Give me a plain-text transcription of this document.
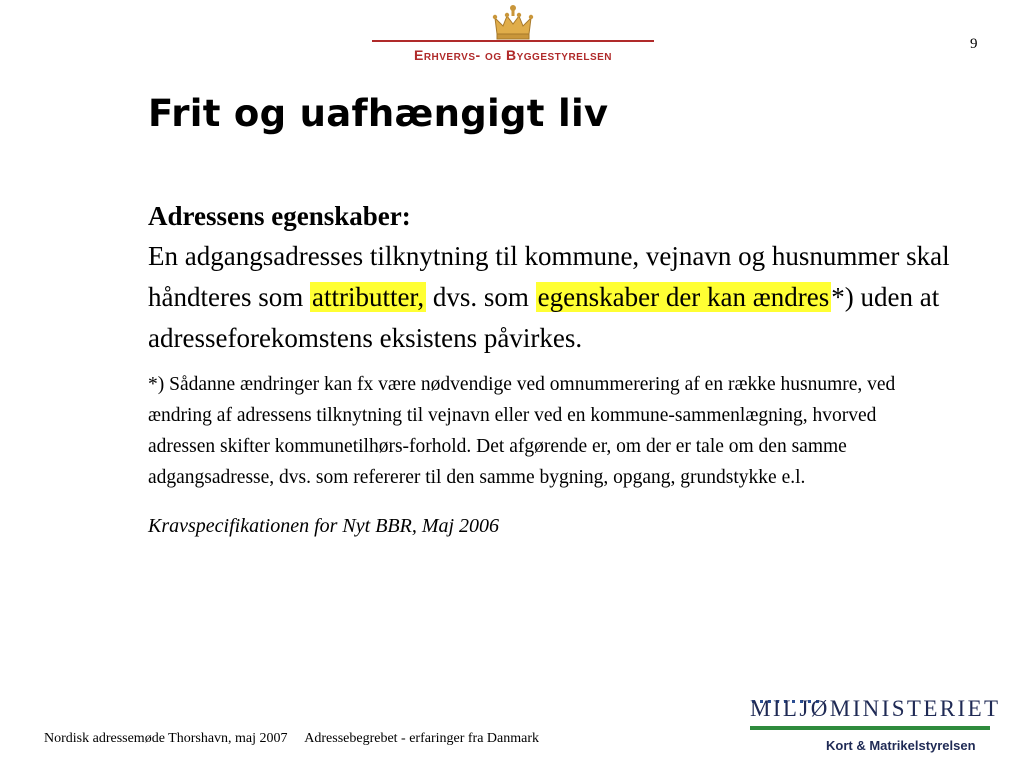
Erhvervs- og Byggestyrelsen
9
Frit og uafhængigt liv
Adressens egenskaber:

En adgangsadresses tilknytning til kommune, vejnavn og husnummer skal håndteres som attributter, dvs. som egenskaber der kan ændres*) uden at adresseforekomstens eksistens påvirkes.

*) Sådanne ændringer kan fx være nødvendige ved omnummerering af en række husnumre, ved ændring af adressens tilknytning til vejnavn eller ved en kommune-sammenlægning, hvorved adressen skifter kommunetilhørs-forhold. Det afgørende er, om der er tale om den samme adgangsadresse, dvs. som refererer til den samme bygning, opgang, grundstykke e.l.

Kravspecifikationen for Nyt BBR, Maj 2006
Nordisk adressemøde Thorshavn, maj 2007     Adressebegrebet - erfaringer fra Danmark
MILJØMINISTERIET
Kort & Matrikelstyrelsen
